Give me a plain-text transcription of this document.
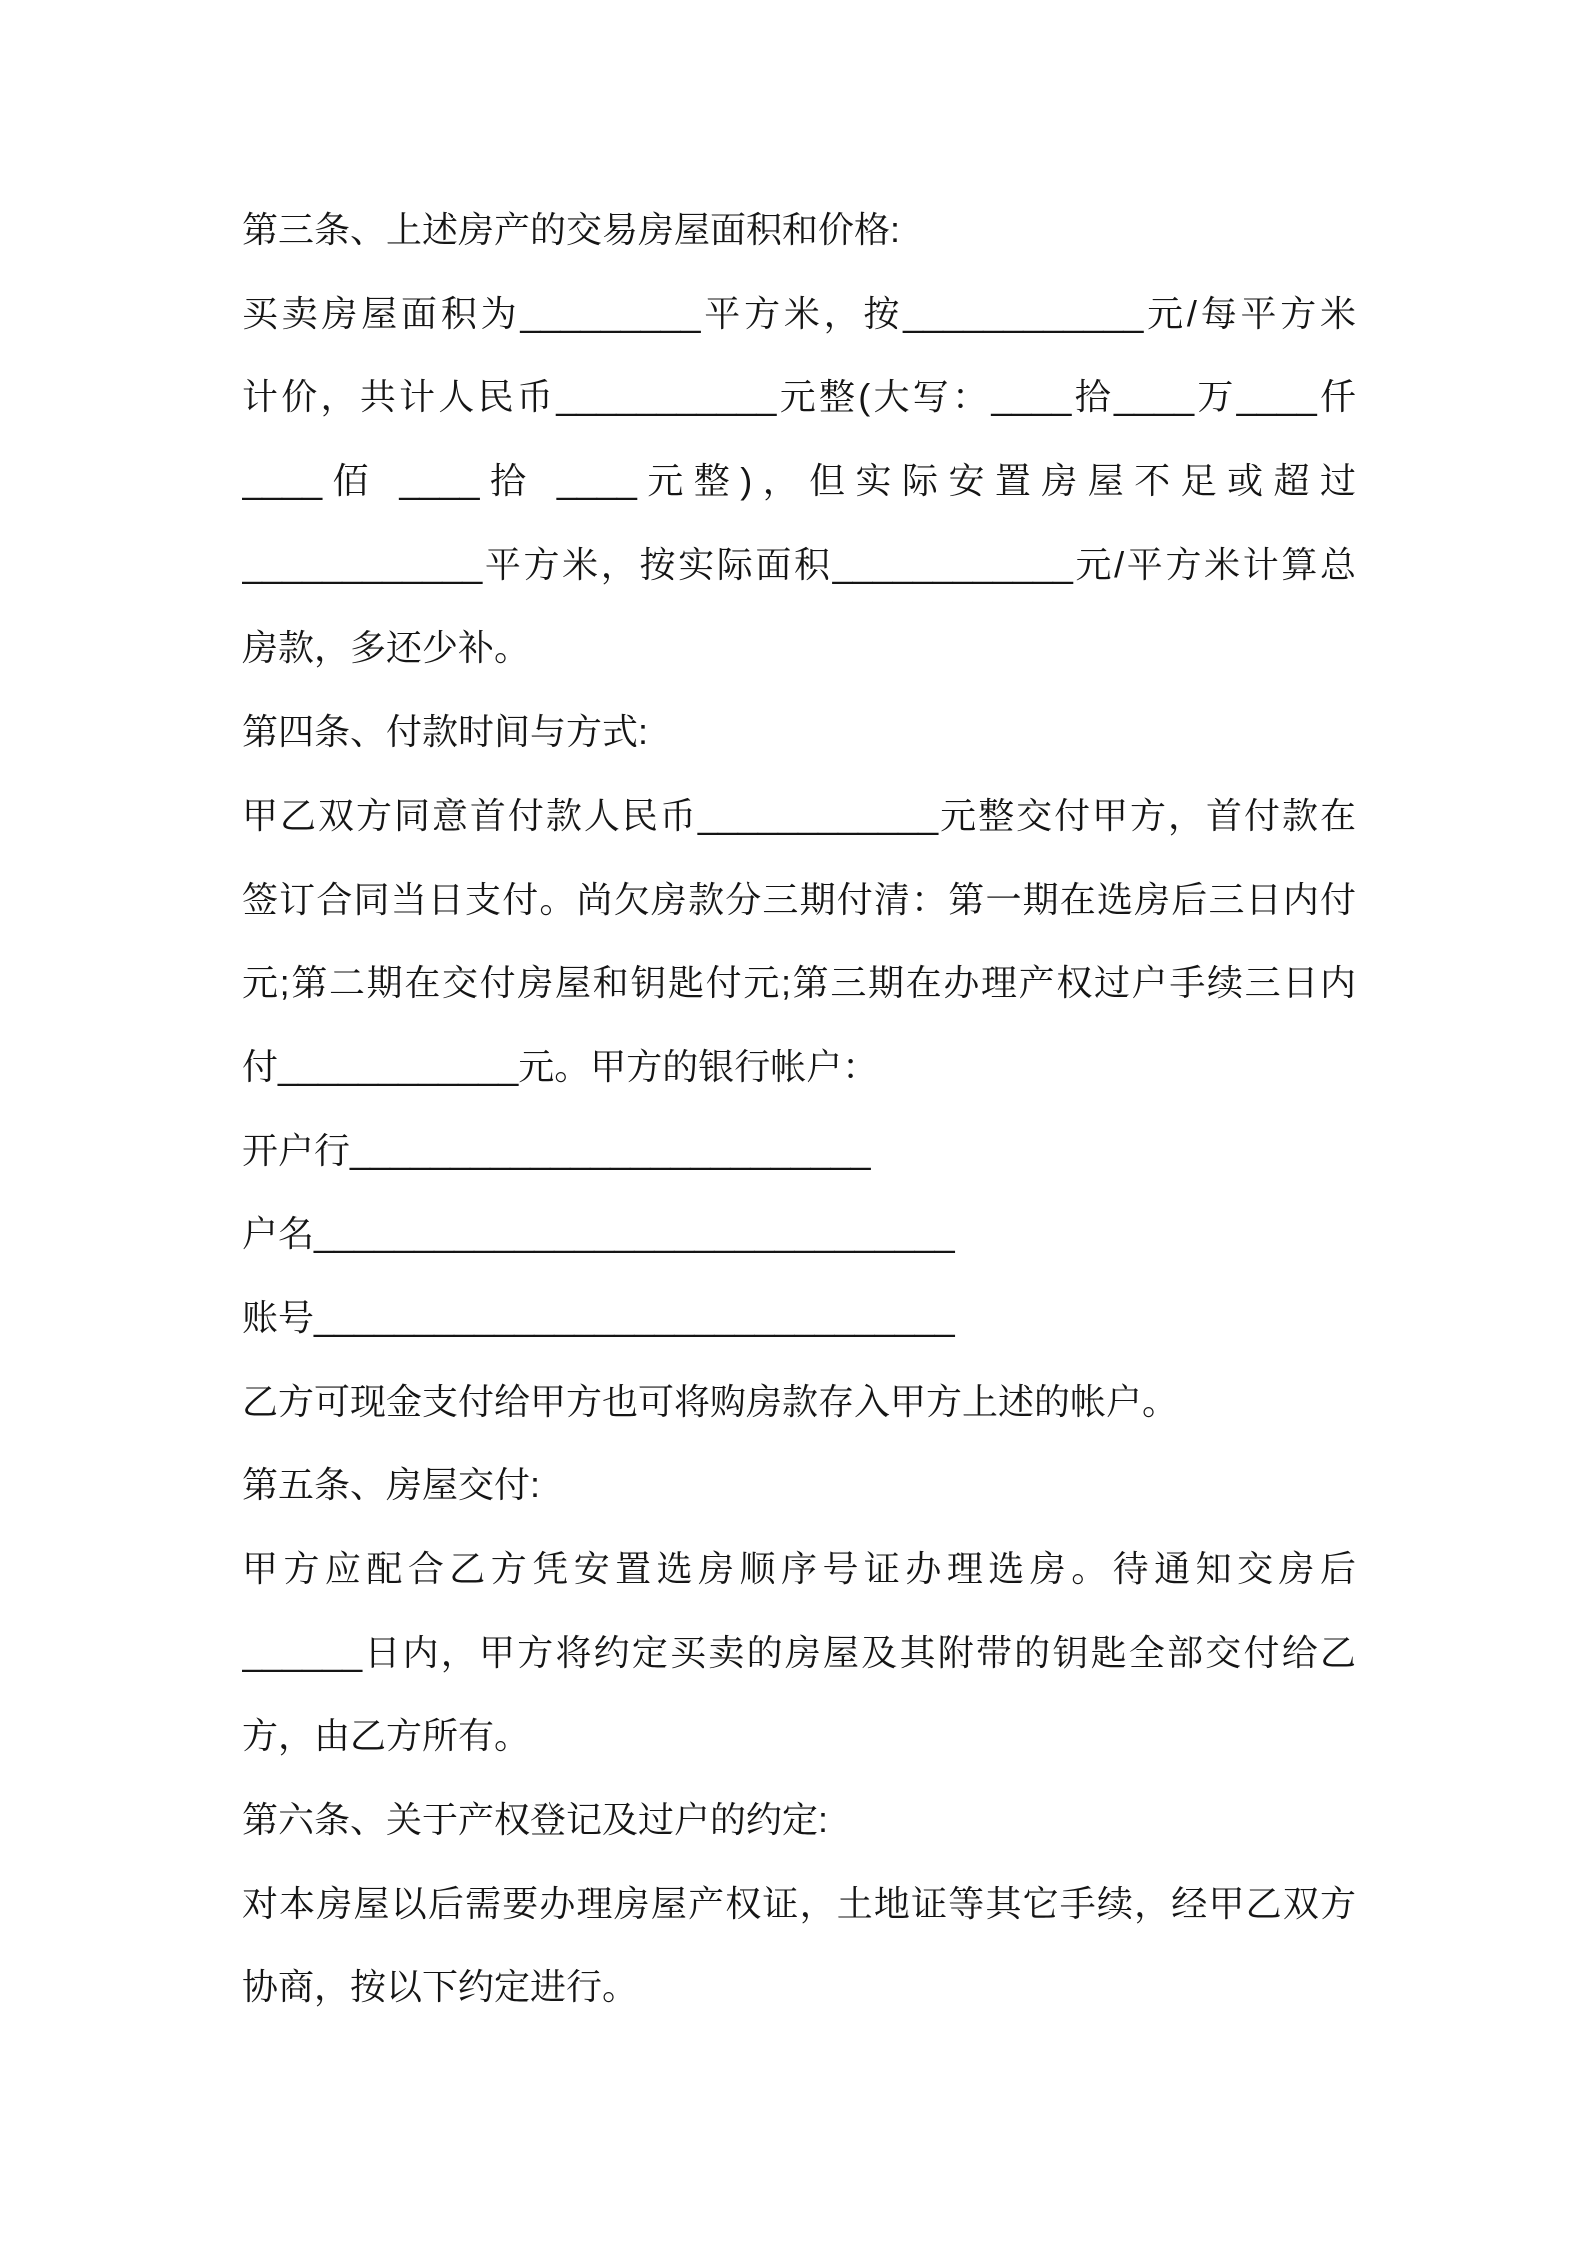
第三条、上述房产的交易房屋面积和价格:
买卖房屋面积为_________平方米，按____________元/每平方米
计价，共计人民币___________元整(大写：____拾____万____仟
____佰 ____拾 ____元整)，但实际安置房屋不足或超过
____________平方米，按实际面积____________元/平方米计算总
房款，多还少补。
第四条、付款时间与方式:
甲乙双方同意首付款人民币____________元整交付甲方，首付款在
签订合同当日支付。尚欠房款分三期付清：第一期在选房后三日内付
元;第二期在交付房屋和钥匙付元;第三期在办理产权过户手续三日内
付____________元。甲方的银行帐户：
开户行__________________________
户名________________________________
账号________________________________
乙方可现金支付给甲方也可将购房款存入甲方上述的帐户。
第五条、房屋交付:
甲方应配合乙方凭安置选房顺序号证办理选房。待通知交房后
______日内，甲方将约定买卖的房屋及其附带的钥匙全部交付给乙
方，由乙方所有。
第六条、关于产权登记及过户的约定:
对本房屋以后需要办理房屋产权证，土地证等其它手续，经甲乙双方
协商，按以下约定进行。
